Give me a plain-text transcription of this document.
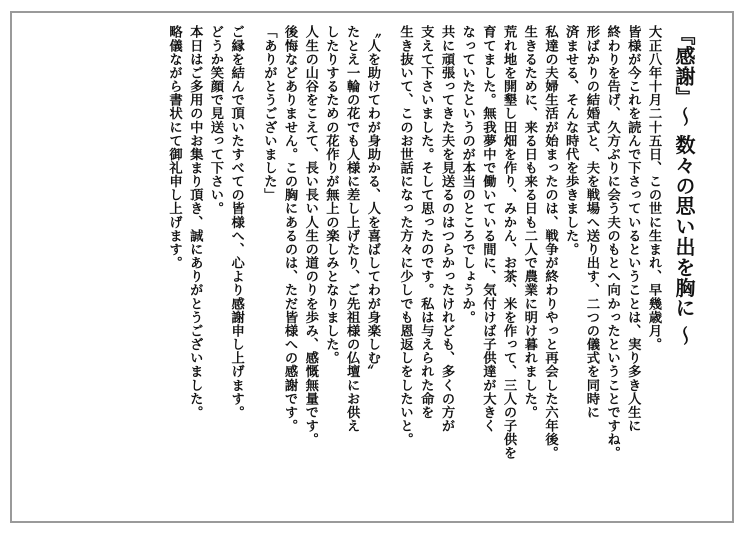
『感謝』～ 数々の思い出を胸に ～
大正八年十月二十五日、この世に生まれ、早幾歳月。
皆様が今これを読んで下さっているということは、実り多き人生に
終わりを告げ、久方ぶりに会う夫のもとへ向かったということですね。
形ばかりの結婚式と、夫を戦場へ送り出す、二つの儀式を同時に
済ませる、そんな時代を歩きました。
私達の夫婦生活が始まったのは、戦争が終わりやっと再会した六年後。
生きるために、来る日も来る日も二人で農業に明け暮れました。
荒れ地を開墾し田畑を作り、みかん、お茶、米を作って、三人の子供を
育てました。無我夢中で働いている間に、気付けば子供達が大きく
なっていたというのが本当のところでしょうか。
共に頑張ってきた夫を見送るのはつらかったけれども、多くの方が
支えて下さいました。そして思ったのです。私は与えられた命を
生き抜いて、このお世話になった方々に少しでも恩返しをしたいと。
〝人を助けてわが身助かる、人を喜ばしてわが身楽しむ〟
たとえ一輪の花でも人様に差し上げたり、ご先祖様の仏壇にお供え
したりするための花作りが無上の楽しみとなりました。
人生の山谷をこえて、長い長い人生の道のりを歩み、感慨無量です。
後悔などありません。この胸にあるのは、ただ皆様への感謝です。
「ありがとうございました」
ご縁を結んで頂いたすべての皆様へ、心より感謝申し上げます。
どうか笑顔で見送って下さい。
本日はご多用の中お集まり頂き、誠にありがとうございました。
略儀ながら書状にて御礼申し上げます。
